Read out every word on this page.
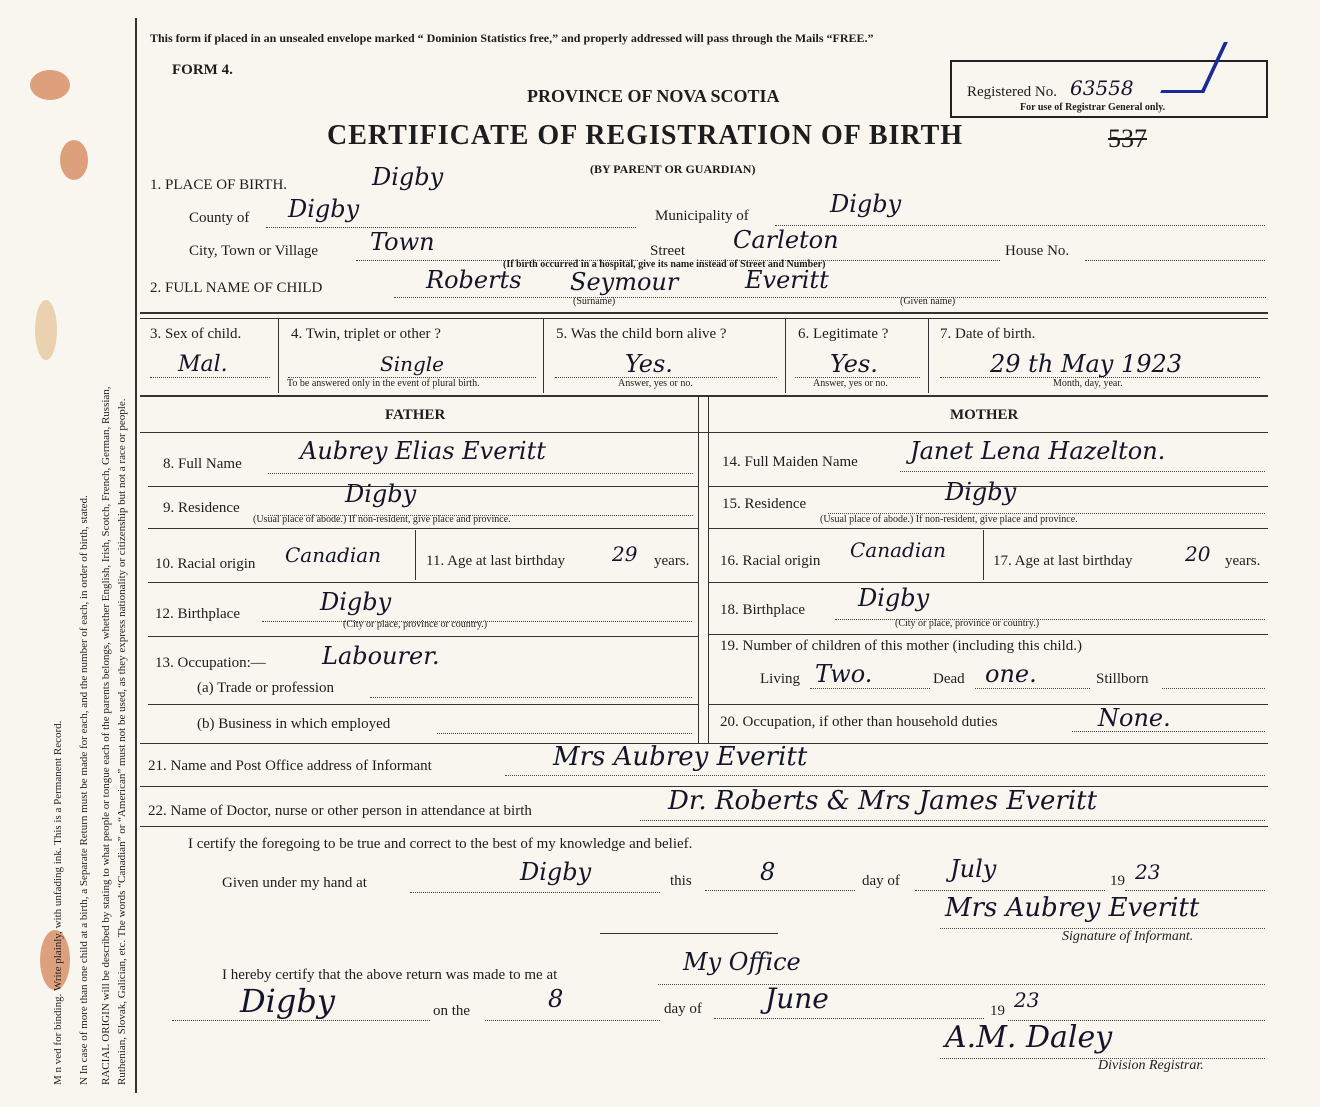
M n ved for binding. Write plainly, with unfading ink. This is a Permanent Record.	N In case of more than one child at a birth, a Separate Return must be made for each, and the number of each, in order of birth, stated. RACIAL ORIGIN will be described by stating to what people or tongue each of the parents belongs, whether English, Irish, Scotch, French, German, Russian, Ruthenian, Slovak, Galician, etc. The words “Canadian” or “American” must not be used, as they express nationality or citizenship but not a race or people.
This form if placed in an unsealed envelope marked “ Dominion Statistics free,” and properly addressed will pass through the Mails “FREE.”
FORM 4.
PROVINCE OF NOVA SCOTIA
CERTIFICATE OF REGISTRATION OF BIRTH	537
(BY PARENT OR GUARDIAN)
Registered No. 63558
For use of Registrar General only.
1. PLACE OF BIRTH.	Digby
County of Digby	Municipality of	Digby
City, Town or Village Town	Street Carleton	House No.
(If birth occurred in a hospital, give its name instead of Street and Number)
2. FULL NAME OF CHILD	Roberts Seymour	Everitt
(Surname)	(Given name)
3. Sex of child.
Mal.
4. Twin, triplet or other ?
Single
To be answered only in the event of plural birth.
5. Was the child born alive ?
Yes.
Answer, yes or no.
6. Legitimate ?
Yes.
Answer, yes or no.
7. Date of birth.
29 th May 1923
Month, day, year.
FATHER	MOTHER
8. Full Name Aubrey Elias Everitt
9. Residence	Digby
(Usual place of abode.) If non-resident, give place and province.
10. Racial origin Canadian	11. Age at last birthday 29 years.
12. Birthplace	Digby
(City or place, province or country.)
13. Occupation:— Labourer.
(a) Trade or profession
(b) Business in which employed
14. Full Maiden Name Janet Lena Hazelton.
15. Residence	Digby
(Usual place of abode.) If non-resident, give place and province.
16. Racial origin Canadian	17. Age at last birthday	20 years.
18. Birthplace Digby
(City or place, province or country.)
19. Number of children of this mother (including this child.)
Living Two.	Dead one.	Stillborn
20. Occupation, if other than household duties	None.
21. Name and Post Office address of Informant	Mrs Aubrey Everitt
22. Name of Doctor, nurse or other person in attendance at birth	Dr. Roberts & Mrs James Everitt
I certify the foregoing to be true and correct to the best of my knowledge and belief.
Given under my hand at	Digby	this	8	day of July	19 23
Mrs Aubrey Everitt
Signature of Informant.
I hereby certify that the above return was made to me at	My Office
Digby	on the	8	day of June	19 23
A.M. Daley
Division Registrar.
